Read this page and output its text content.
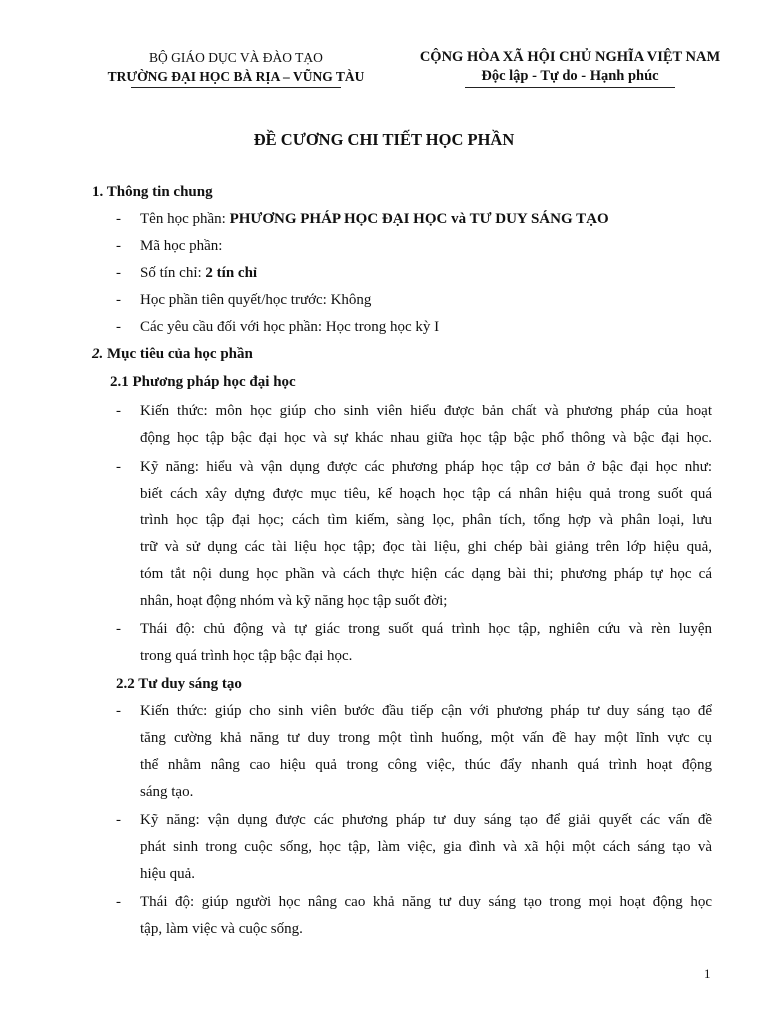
BỘ GIÁO DỤC VÀ ĐÀO TẠO
TRƯỜNG ĐẠI HỌC BÀ RỊA – VŨNG TÀU
CỘNG HÒA XÃ HỘI CHỦ NGHĨA VIỆT NAM
Độc lập - Tự do - Hạnh phúc
ĐỀ CƯƠNG CHI TIẾT HỌC PHẦN
1. Thông tin chung
- Tên học phần: PHƯƠNG PHÁP HỌC ĐẠI HỌC và TƯ DUY SÁNG TẠO
- Mã học phần:
- Số tín chỉ: 2 tín chỉ
- Học phần tiên quyết/học trước: Không
- Các yêu cầu đối với học phần: Học trong học kỳ I
2. Mục tiêu của học phần
2.1 Phương pháp học đại học
- Kiến thức: môn học giúp cho sinh viên hiểu được bản chất và phương pháp của hoạt
động học tập bậc đại học và sự khác nhau giữa học tập bậc phổ thông và bậc đại học.
- Kỹ năng: hiểu và vận dụng được các phương pháp học tập cơ bản ở bậc đại học như:
biết cách xây dựng được mục tiêu, kế hoạch học tập cá nhân hiệu quả trong suốt quá
trình học tập đại học; cách tìm kiếm, sàng lọc, phân tích, tổng hợp và phân loại, lưu
trữ và sử dụng các tài liệu học tập; đọc tài liệu, ghi chép bài giảng trên lớp hiệu quả,
tóm tắt nội dung học phần và cách thực hiện các dạng bài thi; phương pháp tự học cá
nhân, hoạt động nhóm và kỹ năng học tập suốt đời;
- Thái độ: chủ động và tự giác trong suốt quá trình học tập, nghiên cứu và rèn luyện
trong quá trình học tập bậc đại học.
2.2 Tư duy sáng tạo
- Kiến thức: giúp cho sinh viên bước đầu tiếp cận với phương pháp tư duy sáng tạo để
tăng cường khả năng tư duy trong một tình huống, một vấn đề hay một lĩnh vực cụ
thể nhằm nâng cao hiệu quả trong công việc, thúc đẩy nhanh quá trình hoạt động
sáng tạo.
- Kỹ năng: vận dụng được các phương pháp tư duy sáng tạo để giải quyết các vấn đề
phát sinh trong cuộc sống, học tập, làm việc, gia đình và xã hội một cách sáng tạo và
hiệu quả.
- Thái độ: giúp người học nâng cao khả năng tư duy sáng tạo trong mọi hoạt động học
tập, làm việc và cuộc sống.
1
